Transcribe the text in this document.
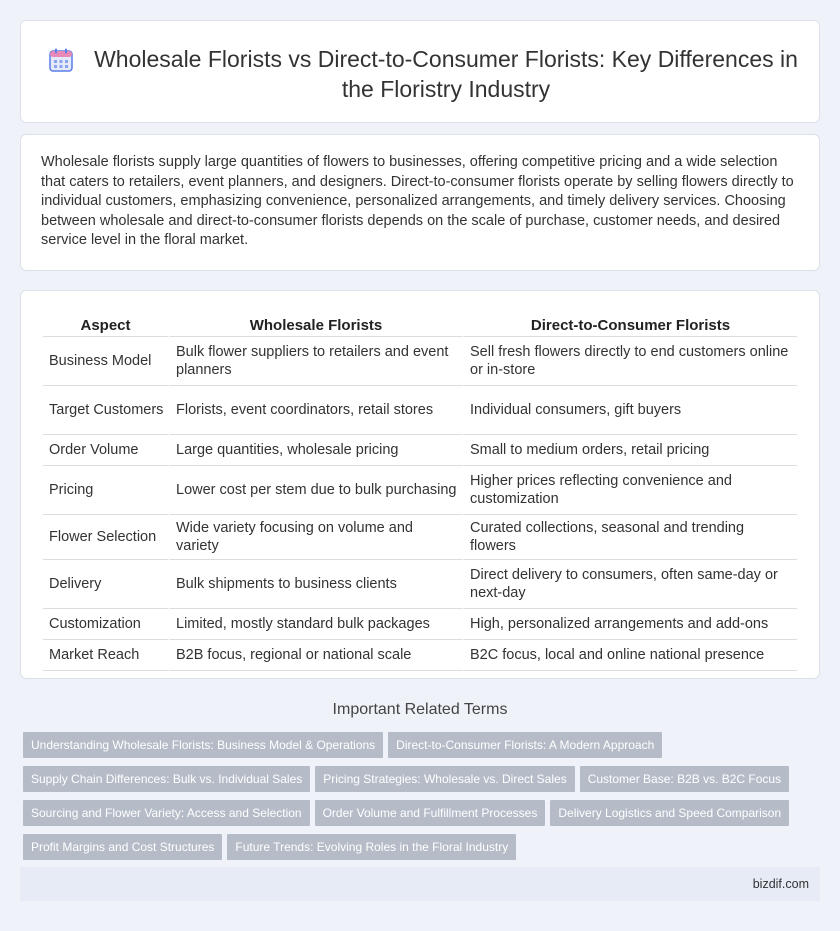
Wholesale Florists vs Direct-to-Consumer Florists: Key Differences in the Floristry Industry

Wholesale florists supply large quantities of flowers to businesses, offering competitive pricing and a wide selection that caters to retailers, event planners, and designers. Direct-to-consumer florists operate by selling flowers directly to individual customers, emphasizing convenience, personalized arrangements, and timely delivery services. Choosing between wholesale and direct-to-consumer florists depends on the scale of purchase, customer needs, and desired service level in the floral market.

Aspect	Wholesale Florists	Direct-to-Consumer Florists
Business Model	Bulk flower suppliers to retailers and event planners	Sell fresh flowers directly to end customers online or in-store
Target Customers	Florists, event coordinators, retail stores	Individual consumers, gift buyers
Order Volume	Large quantities, wholesale pricing	Small to medium orders, retail pricing
Pricing	Lower cost per stem due to bulk purchasing	Higher prices reflecting convenience and customization
Flower Selection	Wide variety focusing on volume and variety	Curated collections, seasonal and trending flowers
Delivery	Bulk shipments to business clients	Direct delivery to consumers, often same-day or next-day
Customization	Limited, mostly standard bulk packages	High, personalized arrangements and add-ons
Market Reach	B2B focus, regional or national scale	B2C focus, local and online national presence
Important Related Terms
Understanding Wholesale Florists: Business Model & Operations Direct-to-Consumer Florists: A Modern Approach
Supply Chain Differences: Bulk vs. Individual Sales Pricing Strategies: Wholesale vs. Direct Sales Customer Base: B2B vs. B2C Focus
Sourcing and Flower Variety: Access and Selection Order Volume and Fulfillment Processes Delivery Logistics and Speed Comparison
Profit Margins and Cost Structures Future Trends: Evolving Roles in the Floral Industry
bizdif.com
